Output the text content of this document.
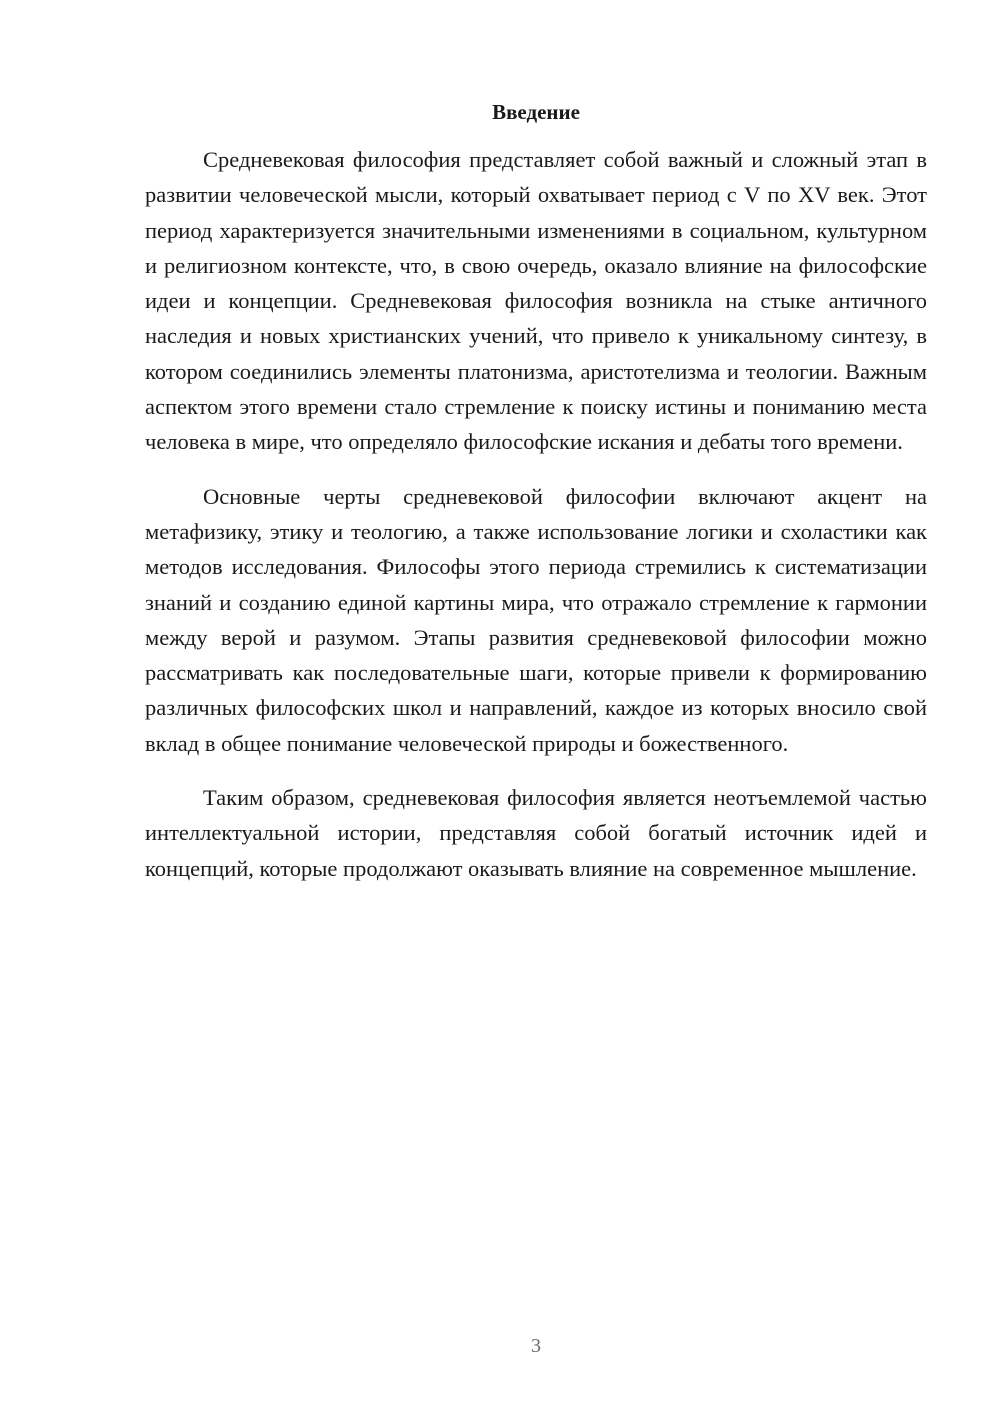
Введение

Средневековая философия представляет собой важный и сложный этап в развитии человеческой мысли, который охватывает период с V по XV век. Этот период характеризуется значительными изменениями в социальном, культурном и религиозном контексте, что, в свою очередь, оказало влияние на философские идеи и концепции. Средневековая философия возникла на стыке античного наследия и новых христианских учений, что привело к уникальному синтезу, в котором соединились элементы платонизма, аристотелизма и теологии. Важным аспектом этого времени стало стремление к поиску истины и пониманию места человека в мире, что определяло философские искания и дебаты того времени.

Основные черты средневековой философии включают акцент на метафизику, этику и теологию, а также использование логики и схоластики как методов исследования. Философы этого периода стремились к систематизации знаний и созданию единой картины мира, что отражало стремление к гармонии между верой и разумом. Этапы развития средневековой философии можно рассматривать как последовательные шаги, которые привели к формированию различных философских школ и направлений, каждое из которых вносило свой вклад в общее понимание человеческой природы и божественного.

Таким образом, средневековая философия является неотъемлемой частью интеллектуальной истории, представляя собой богатый источник идей и концепций, которые продолжают оказывать влияние на современное мышление.

3
